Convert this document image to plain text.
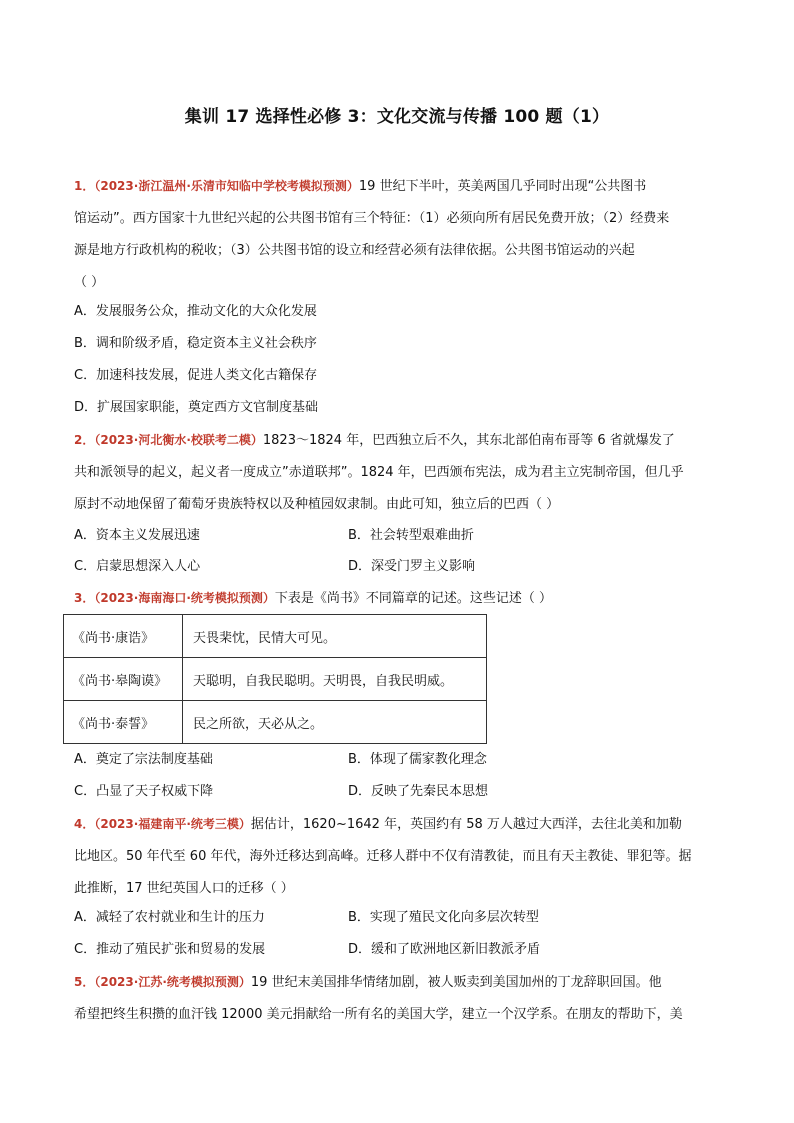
集训 17 选择性必修 3：文化交流与传播 100 题（1）
1．（2023·浙江温州·乐清市知临中学校考模拟预测）19 世纪下半叶，英美两国几乎同时出现“公共图书
馆运动”。西方国家十九世纪兴起的公共图书馆有三个特征：（1）必须向所有居民免费开放；（2）经费来
源是地方行政机构的税收；（3）公共图书馆的设立和经营必须有法律依据。公共图书馆运动的兴起
（ ）
A．发展服务公众，推动文化的大众化发展
B．调和阶级矛盾，稳定资本主义社会秩序
C．加速科技发展，促进人类文化古籍保存
D．扩展国家职能，奠定西方文官制度基础
2．（2023·河北衡水·校联考二模）1823～1824 年，巴西独立后不久，其东北部伯南布哥等 6 省就爆发了
共和派领导的起义，起义者一度成立”赤道联邦”。1824 年，巴西颁布宪法，成为君主立宪制帝国，但几乎
原封不动地保留了葡萄牙贵族特权以及种植园奴隶制。由此可知，独立后的巴西（ ）
A．资本主义发展迅速	B．社会转型艰难曲折
C．启蒙思想深入人心	D．深受门罗主义影响
3．（2023·海南海口·统考模拟预测）下表是《尚书》不同篇章的记述。这些记述（ ）
《尚书·康诰》	天畏棐忱，民情大可见。
《尚书·皋陶谟》	天聪明，自我民聪明。天明畏，自我民明威。
《尚书·泰誓》	民之所欲，天必从之。
A．奠定了宗法制度基础	B．体现了儒家教化理念
C．凸显了天子权威下降	D．反映了先秦民本思想
4．（2023·福建南平·统考三模）据估计，1620~1642 年，英国约有 58 万人越过大西洋，去往北美和加勒
比地区。50 年代至 60 年代，海外迁移达到高峰。迁移人群中不仅有清教徒，而且有天主教徒、罪犯等。据
此推断，17 世纪英国人口的迁移（ ）
A．减轻了农村就业和生计的压力	B．实现了殖民文化向多层次转型
C．推动了殖民扩张和贸易的发展	D．缓和了欧洲地区新旧教派矛盾
5．（2023·江苏·统考模拟预测）19 世纪末美国排华情绪加剧，被人贩卖到美国加州的丁龙辞职回国。他
希望把终生积攒的血汗钱 12000 美元捐献给一所有名的美国大学，建立一个汉学系。在朋友的帮助下，美
